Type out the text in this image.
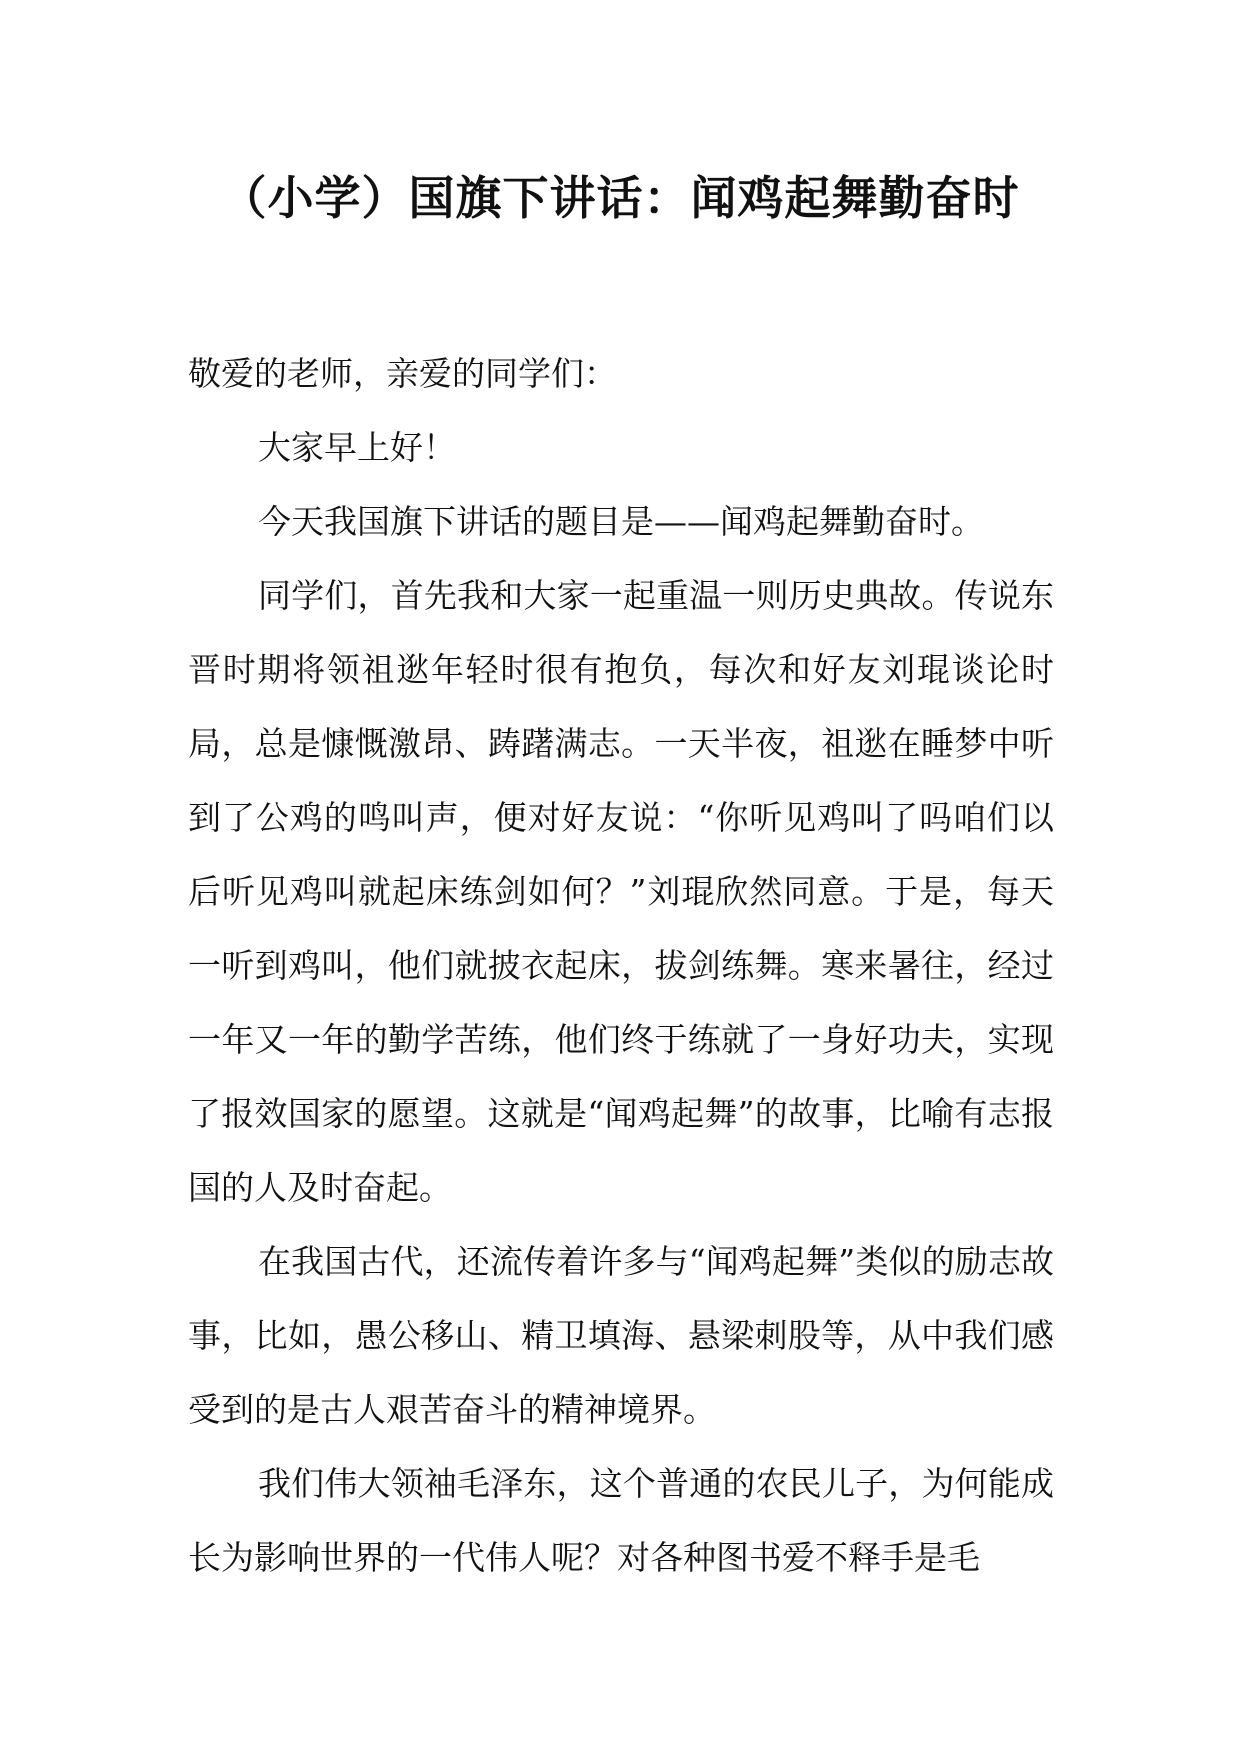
（小学）国旗下讲话：闻鸡起舞勤奋时

敬爱的老师，亲爱的同学们：

大家早上好！

今天我国旗下讲话的题目是——闻鸡起舞勤奋时。

同学们，首先我和大家一起重温一则历史典故。传说东晋时期将领祖逖年轻时很有抱负，每次和好友刘琨谈论时局，总是慷慨激昂、踌躇满志。一天半夜，祖逖在睡梦中听到了公鸡的鸣叫声，便对好友说：“你听见鸡叫了吗咱们以后听见鸡叫就起床练剑如何？”刘琨欣然同意。于是，每天一听到鸡叫，他们就披衣起床，拔剑练舞。寒来暑往，经过一年又一年的勤学苦练，他们终于练就了一身好功夫，实现了报效国家的愿望。这就是“闻鸡起舞”的故事，比喻有志报国的人及时奋起。

在我国古代，还流传着许多与“闻鸡起舞”类似的励志故事，比如，愚公移山、精卫填海、悬梁刺股等，从中我们感受到的是古人艰苦奋斗的精神境界。

我们伟大领袖毛泽东，这个普通的农民儿子，为何能成长为影响世界的一代伟人呢？对各种图书爱不释手是毛
